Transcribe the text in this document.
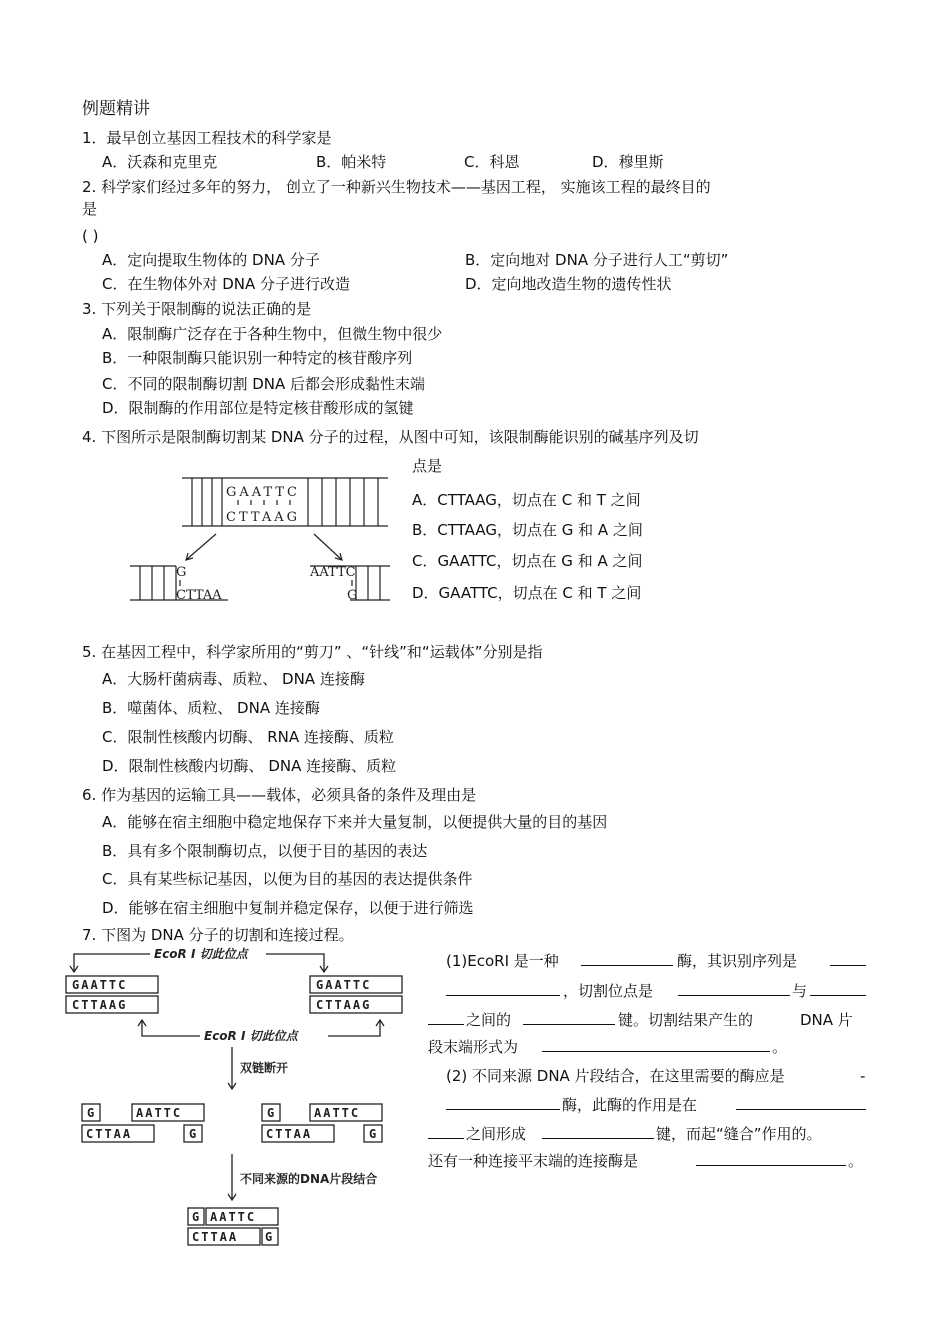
例题精讲
1．最早创立基因工程技术的科学家是
A．沃森和克里克	B．帕米特	C．科恩	D．穆里斯
2. 科学家们经过多年的努力， 创立了一种新兴生物技术——基因工程， 实施该工程的最终目的
是
( )
A．定向提取生物体的 DNA 分子	B．定向地对 DNA 分子进行人工“剪切”
C．在生物体外对 DNA 分子进行改造	D．定向地改造生物的遗传性状
3. 下列关于限制酶的说法正确的是
A．限制酶广泛存在于各种生物中，但微生物中很少
B．一种限制酶只能识别一种特定的核苷酸序列
C．不同的限制酶切割 DNA 后都会形成黏性末端
D．限制酶的作用部位是特定核苷酸形成的氢键
4. 下图所示是限制酶切割某 DNA 分子的过程，从图中可知，该限制酶能识别的碱基序列及切
点是
A．CTTAAG，切点在 C 和 T 之间
B．CTTAAG，切点在 G 和 A 之间
C．GAATTC，切点在 G 和 A 之间
D．GAATTC，切点在 C 和 T 之间
GAATTC
CTTAAG
G
CTTAA
AATTC
G
5. 在基因工程中，科学家所用的“剪刀” 、“针线”和“运载体”分别是指
A．大肠杆菌病毒、质粒、 DNA 连接酶
B．噬菌体、质粒、 DNA 连接酶
C．限制性核酸内切酶、 RNA 连接酶、质粒
D．限制性核酸内切酶、 DNA 连接酶、质粒
6. 作为基因的运输工具——载体，必须具备的条件及理由是
A．能够在宿主细胞中稳定地保存下来并大量复制，以便提供大量的目的基因
B．具有多个限制酶切点，以便于目的基因的表达
C．具有某些标记基因，以便为目的基因的表达提供条件
D．能够在宿主细胞中复制并稳定保存，以便于进行筛选
7. 下图为 DNA 分子的切割和连接过程。
GAATTC
CTTAAG
GAATTC
CTTAAG
G	AATTC
CTTAA	G
G	AATTC
CTTAA	G
G AATTC
CTTAA G
EcoR I 切此位点
EcoR I 切此位点
双链断开
不同来源的DNA片段结合
(1)EcoRI 是一种	酶，其识别序列是
，切割位点是	与
之间的	键。切割结果产生的	DNA 片
段末端形式为	。
(2) 不同来源 DNA 片段结合，在这里需要的酶应是	-
酶，此酶的作用是在
之间形成	键，而起“缝合”作用的。
还有一种连接平末端的连接酶是	。
